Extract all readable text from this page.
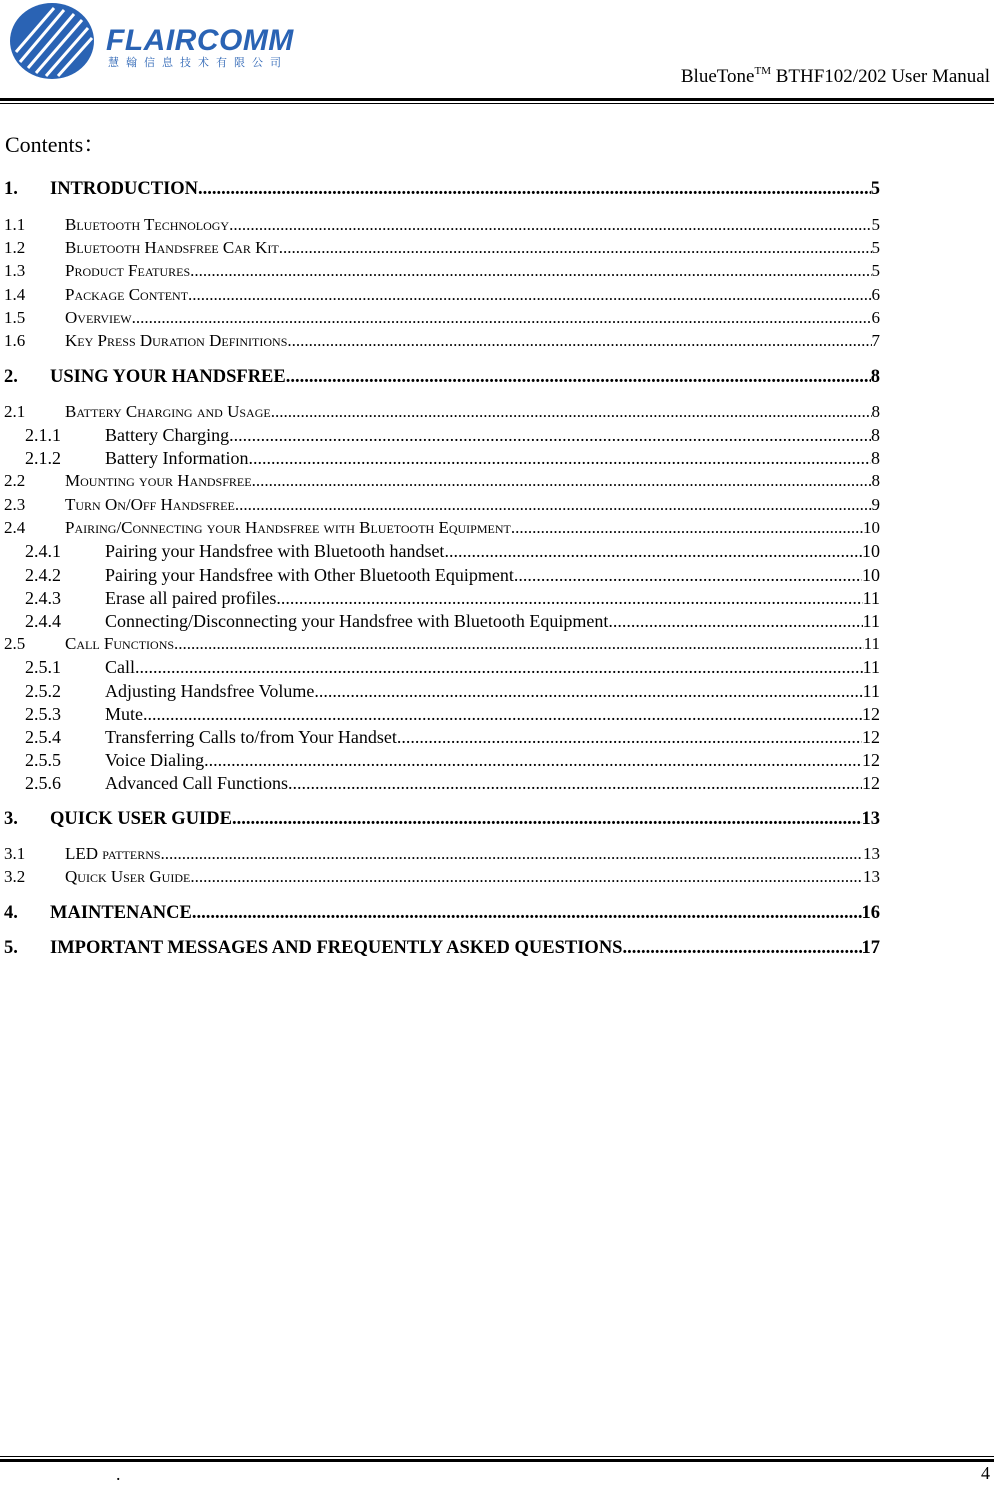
FLAIRCOMM
慧翰信息技术有限公司
BlueTone™ BTHF102/202 User Manual
Contents：
1.	INTRODUCTION .....	5
1.1	Bluetooth Technology .....	5
1.2	Bluetooth Handsfree Car Kit .....	5
1.3	Product Features .....	5
1.4	Package Content .....	6
1.5	Overview .....	6
1.6	Key Press Duration Definitions .....	7
2.	USING YOUR HANDSFREE .....	8
2.1	Battery Charging and Usage .....	8
2.1.1	Battery Charging .....	8
2.1.2	Battery Information .....	8
2.2	Mounting your Handsfree .....	8
2.3	Turn On/Off Handsfree .....	9
2.4	Pairing/Connecting your Handsfree with Bluetooth Equipment .....	10
2.4.1	Pairing your Handsfree with Bluetooth handset .....	10
2.4.2	Pairing your Handsfree with Other Bluetooth Equipment .....	10
2.4.3	Erase all paired profiles .....	11
2.4.4	Connecting/Disconnecting your Handsfree with Bluetooth Equipment .....	11
2.5	Call Functions .....	11
2.5.1	Call .....	11
2.5.2	Adjusting Handsfree Volume .....	11
2.5.3	Mute .....	12
2.5.4	Transferring Calls to/from Your Handset .....	12
2.5.5	Voice Dialing .....	12
2.5.6	Advanced Call Functions .....	12
3.	QUICK USER GUIDE .....	13
3.1	LED patterns .....	13
3.2	Quick User Guide .....	13
4.	MAINTENANCE .....	16
5.	IMPORTANT MESSAGES AND FREQUENTLY ASKED QUESTIONS .....	17
.	4
